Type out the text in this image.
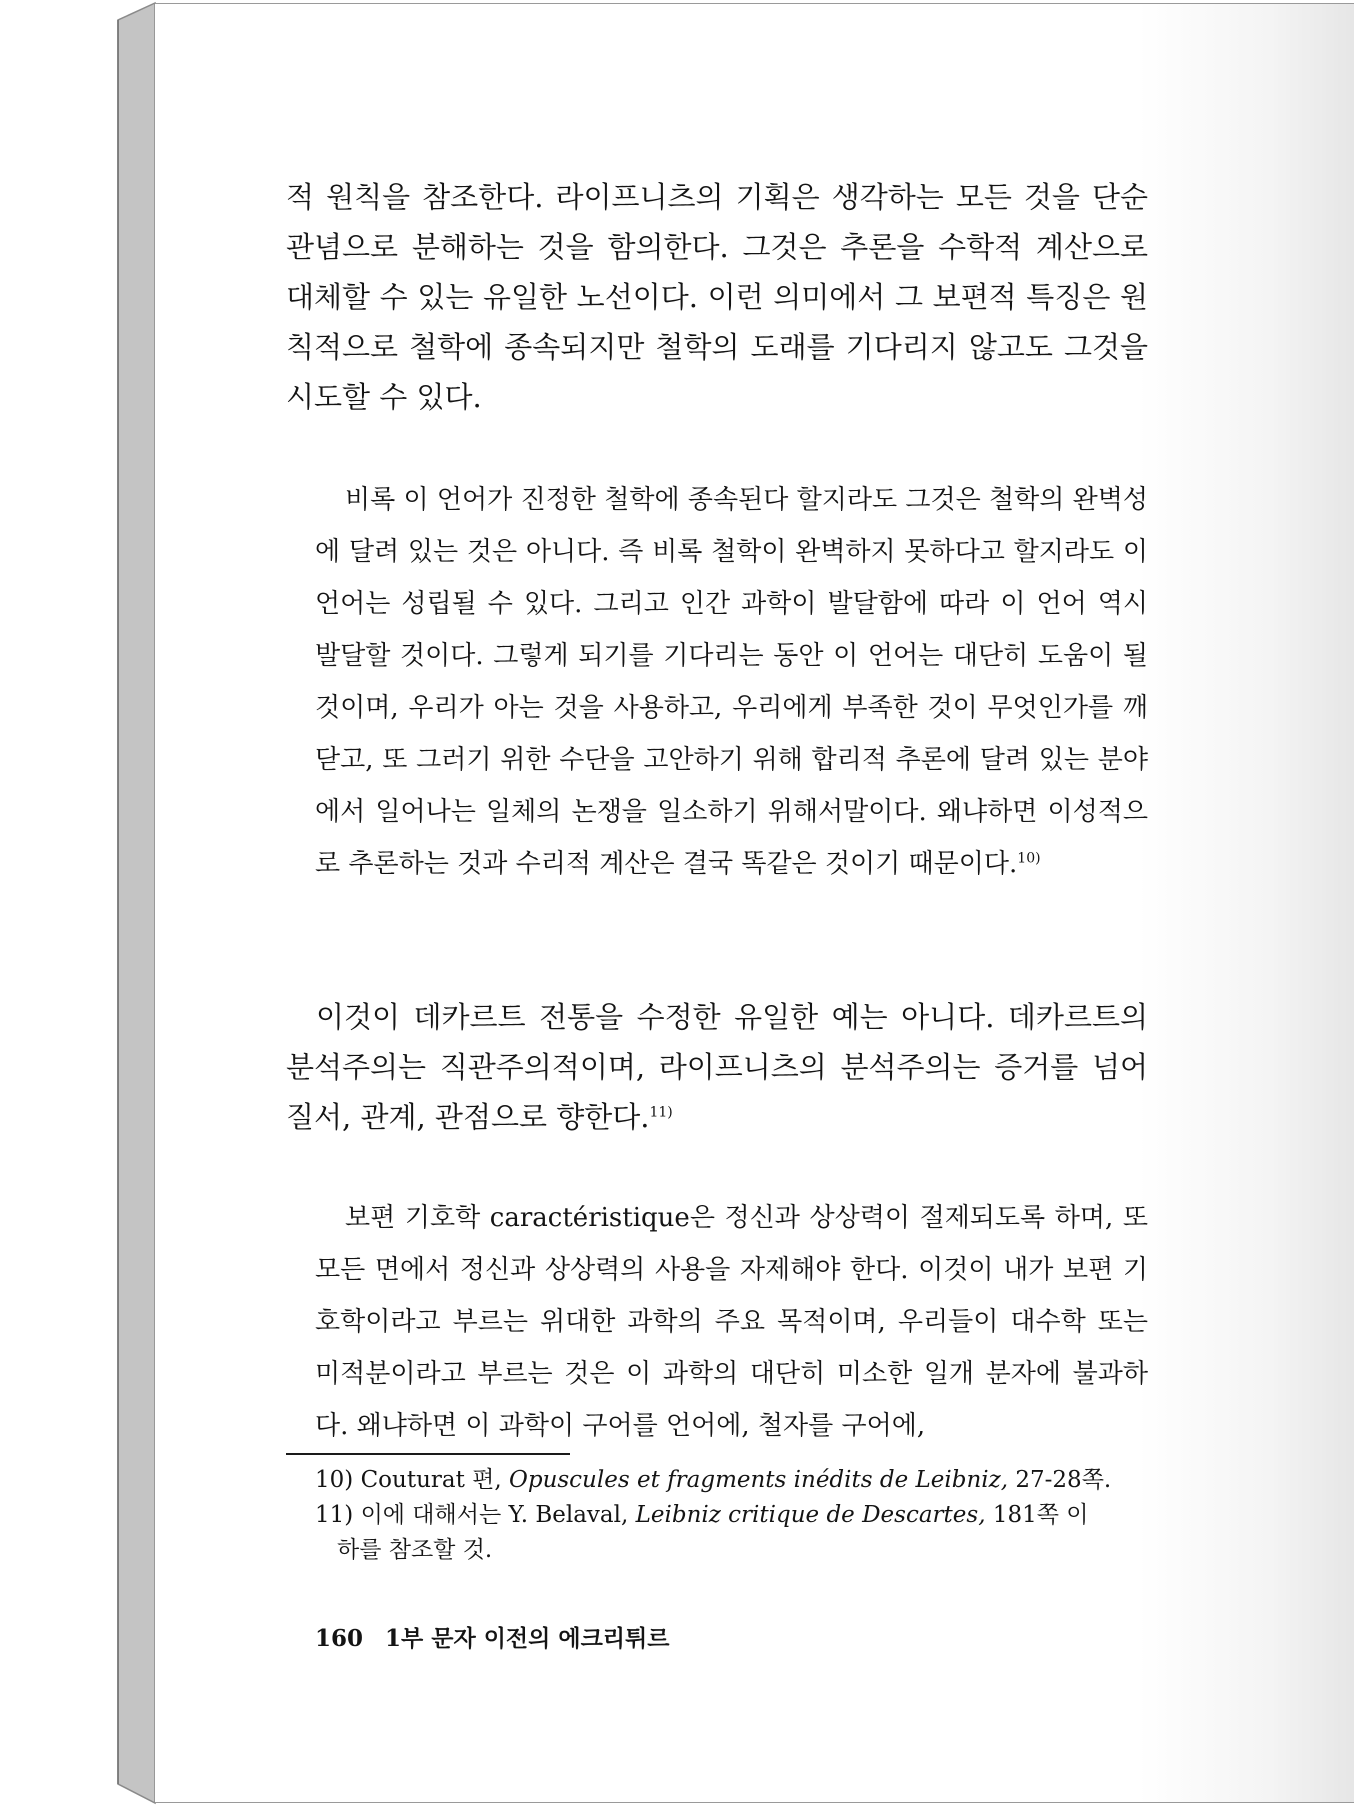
적 원칙을 참조한다. 라이프니츠의 기획은 생각하는 모든 것을 단순 관념으로 분해하는 것을 함의한다. 그것은 추론을 수학적 계산으로 대체할 수 있는 유일한 노선이다. 이런 의미에서 그 보편적 특징은 원칙적으로 철학에 종속되지만 철학의 도래를 기다리지 않고도 그것을 시도할 수 있다.

비록 이 언어가 진정한 철학에 종속된다 할지라도 그것은 철학의 완벽성에 달려 있는 것은 아니다. 즉 비록 철학이 완벽하지 못하다고 할지라도 이 언어는 성립될 수 있다. 그리고 인간 과학이 발달함에 따라 이 언어 역시 발달할 것이다. 그렇게 되기를 기다리는 동안 이 언어는 대단히 도움이 될 것이며, 우리가 아는 것을 사용하고, 우리에게 부족한 것이 무엇인가를 깨닫고, 또 그러기 위한 수단을 고안하기 위해 합리적 추론에 달려 있는 분야에서 일어나는 일체의 논쟁을 일소하기 위해서말이다. 왜냐하면 이성적으로 추론하는 것과 수리적 계산은 결국 똑같은 것이기 때문이다.$^{10)}$

이것이 데카르트 전통을 수정한 유일한 예는 아니다. 데카르트의 분석주의는 직관주의적이며, 라이프니츠의 분석주의는 증거를 넘어 질서, 관계, 관점으로 향한다.$^{11)}$

보편 기호학 caractéristique은 정신과 상상력이 절제되도록 하며, 또 모든 면에서 정신과 상상력의 사용을 자제해야 한다. 이것이 내가 보편 기호학이라고 부르는 위대한 과학의 주요 목적이며, 우리들이 대수학 또는 미적분이라고 부르는 것은 이 과학의 대단히 미소한 일개 분자에 불과하다. 왜냐하면 이 과학이 구어를 언어에, 철자를 구어에,

10) Couturat 편, Opuscules et fragments inédits de Leibniz, 27-28쪽.

11) 이에 대해서는 Y. Belaval, Leibniz critique de Descartes, 181쪽 이
하를 참조할 것.

160 1부 문자 이전의 에크리튀르
